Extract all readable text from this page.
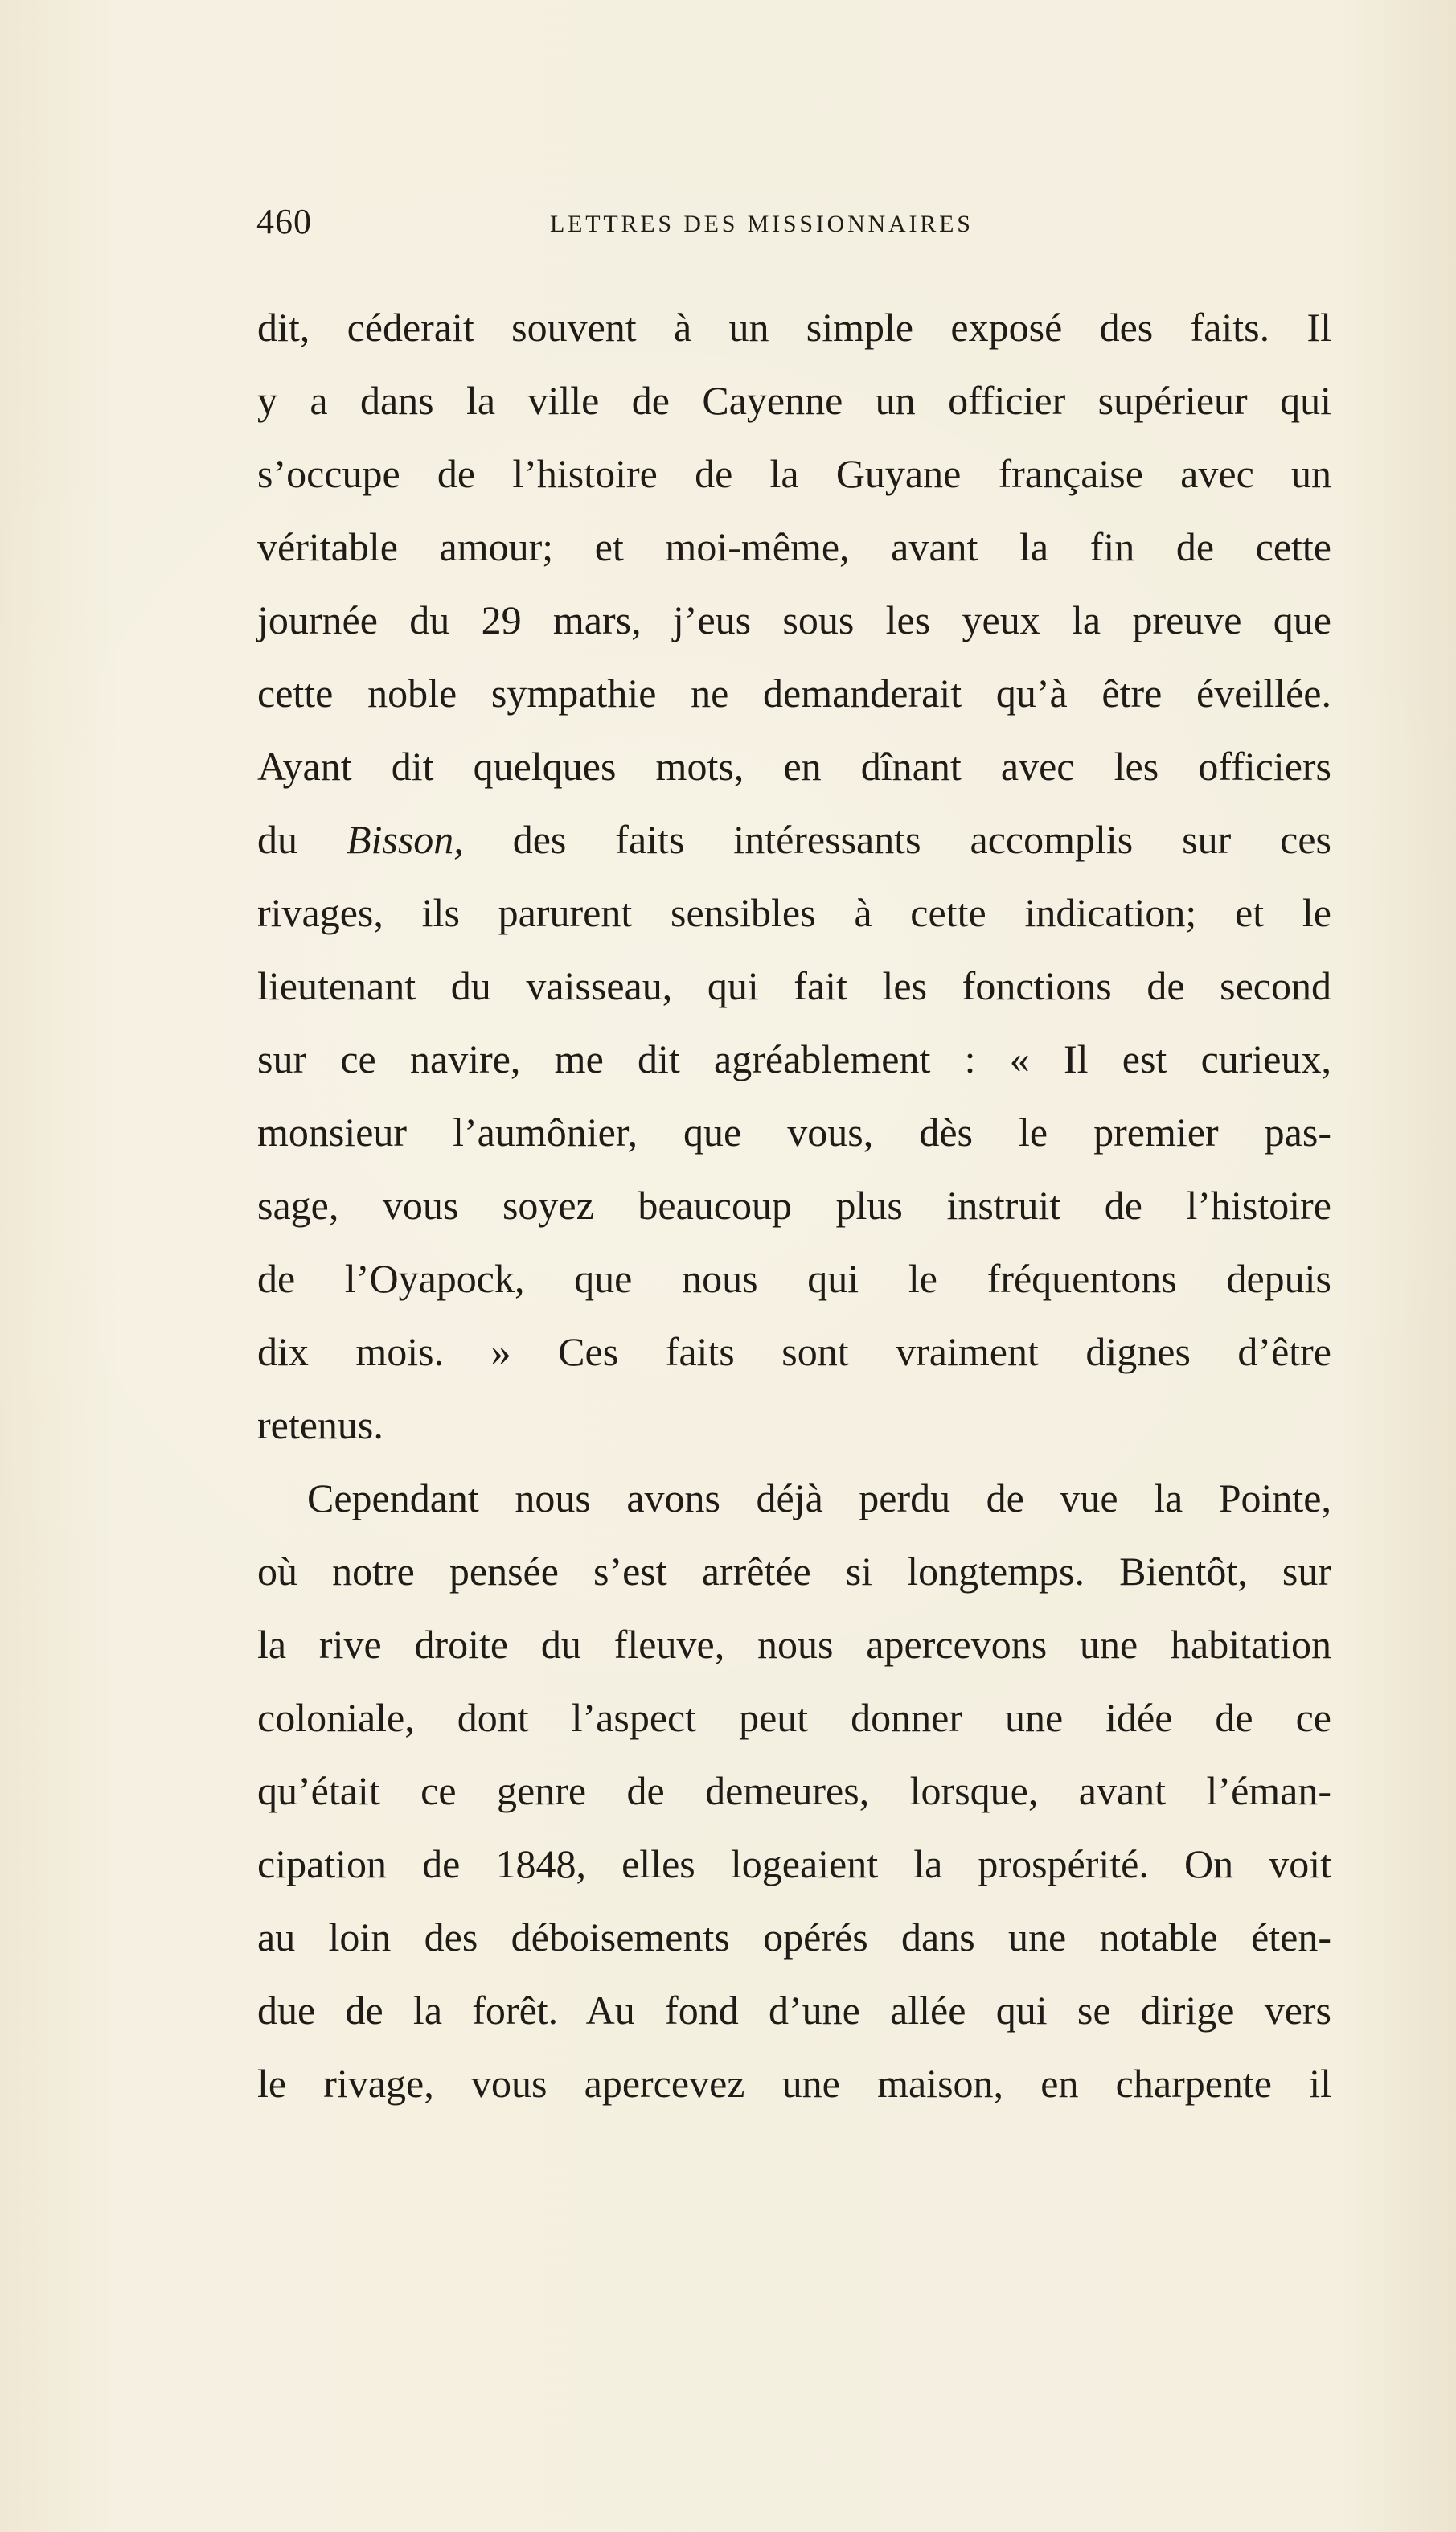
460	LETTRES DES MISSIONNAIRES
dit, céderait souvent à un simple exposé des faits. Il
y a dans la ville de Cayenne un officier supérieur qui
s’occupe de l’histoire de la Guyane française avec un
véritable amour; et moi-même, avant la fin de cette
journée du 29 mars, j’eus sous les yeux la preuve que
cette noble sympathie ne demanderait qu’à être éveillée.
Ayant dit quelques mots, en dînant avec les officiers
du Bisson, des faits intéressants accomplis sur ces
rivages, ils parurent sensibles à cette indication; et le
lieutenant du vaisseau, qui fait les fonctions de second
sur ce navire, me dit agréablement : « Il est curieux,
monsieur l’aumônier, que vous, dès le premier pas-
sage, vous soyez beaucoup plus instruit de l’histoire
de l’Oyapock, que nous qui le fréquentons depuis
dix mois. » Ces faits sont vraiment dignes d’être
retenus.
Cependant nous avons déjà perdu de vue la Pointe,
où notre pensée s’est arrêtée si longtemps. Bientôt, sur
la rive droite du fleuve, nous apercevons une habitation
coloniale, dont l’aspect peut donner une idée de ce
qu’était ce genre de demeures, lorsque, avant l’éman-
cipation de 1848, elles logeaient la prospérité. On voit
au loin des déboisements opérés dans une notable éten-
due de la forêt. Au fond d’une allée qui se dirige vers
le rivage, vous apercevez une maison, en charpente il
